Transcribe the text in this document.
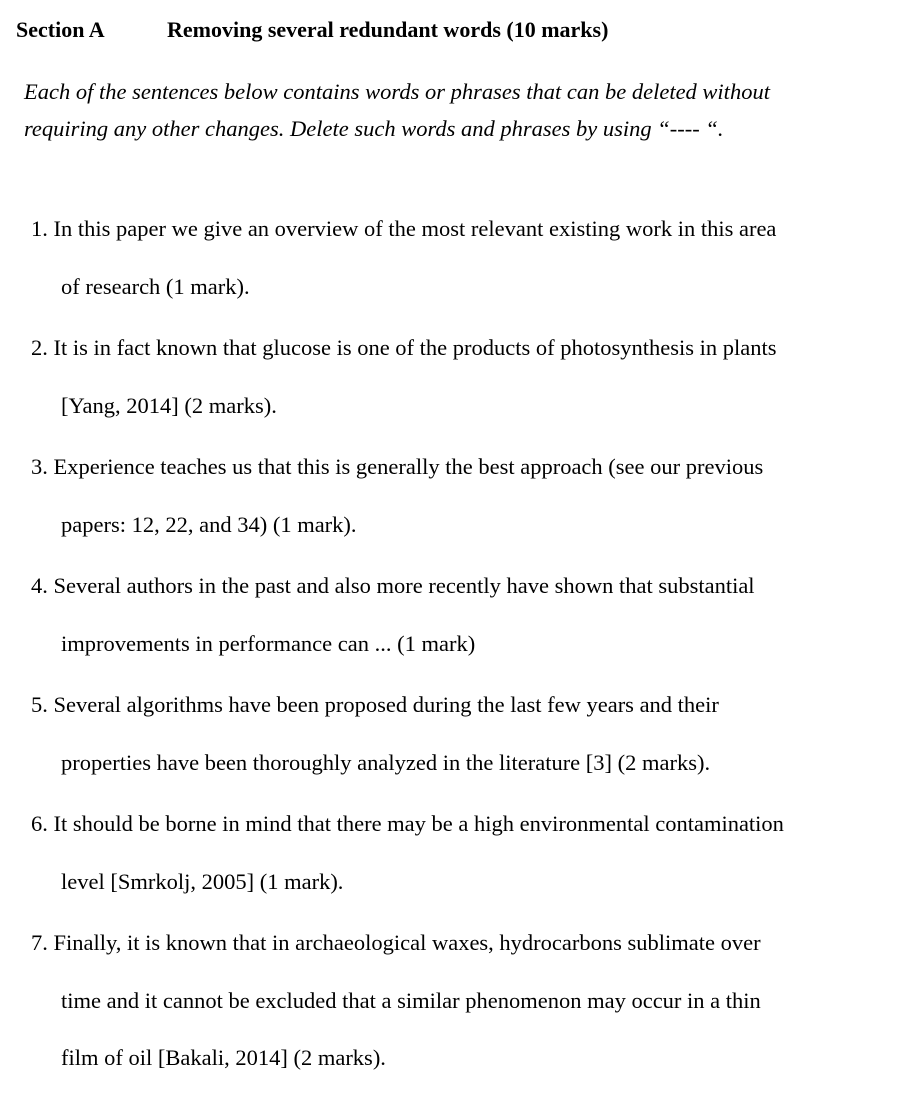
Section A	Removing several redundant words (10 marks)
Each of the sentences below contains words or phrases that can be deleted without
requiring any other changes. Delete such words and phrases by using “---- “.
1. In this paper we give an overview of the most relevant existing work in this area
of research (1 mark).
2. It is in fact known that glucose is one of the products of photosynthesis in plants
[Yang, 2014] (2 marks).
3. Experience teaches us that this is generally the best approach (see our previous
papers: 12, 22, and 34) (1 mark).
4. Several authors in the past and also more recently have shown that substantial
improvements in performance can ... (1 mark)
5. Several algorithms have been proposed during the last few years and their
properties have been thoroughly analyzed in the literature [3] (2 marks).
6. It should be borne in mind that there may be a high environmental contamination
level [Smrkolj, 2005] (1 mark).
7. Finally, it is known that in archaeological waxes, hydrocarbons sublimate over
time and it cannot be excluded that a similar phenomenon may occur in a thin
film of oil [Bakali, 2014] (2 marks).
